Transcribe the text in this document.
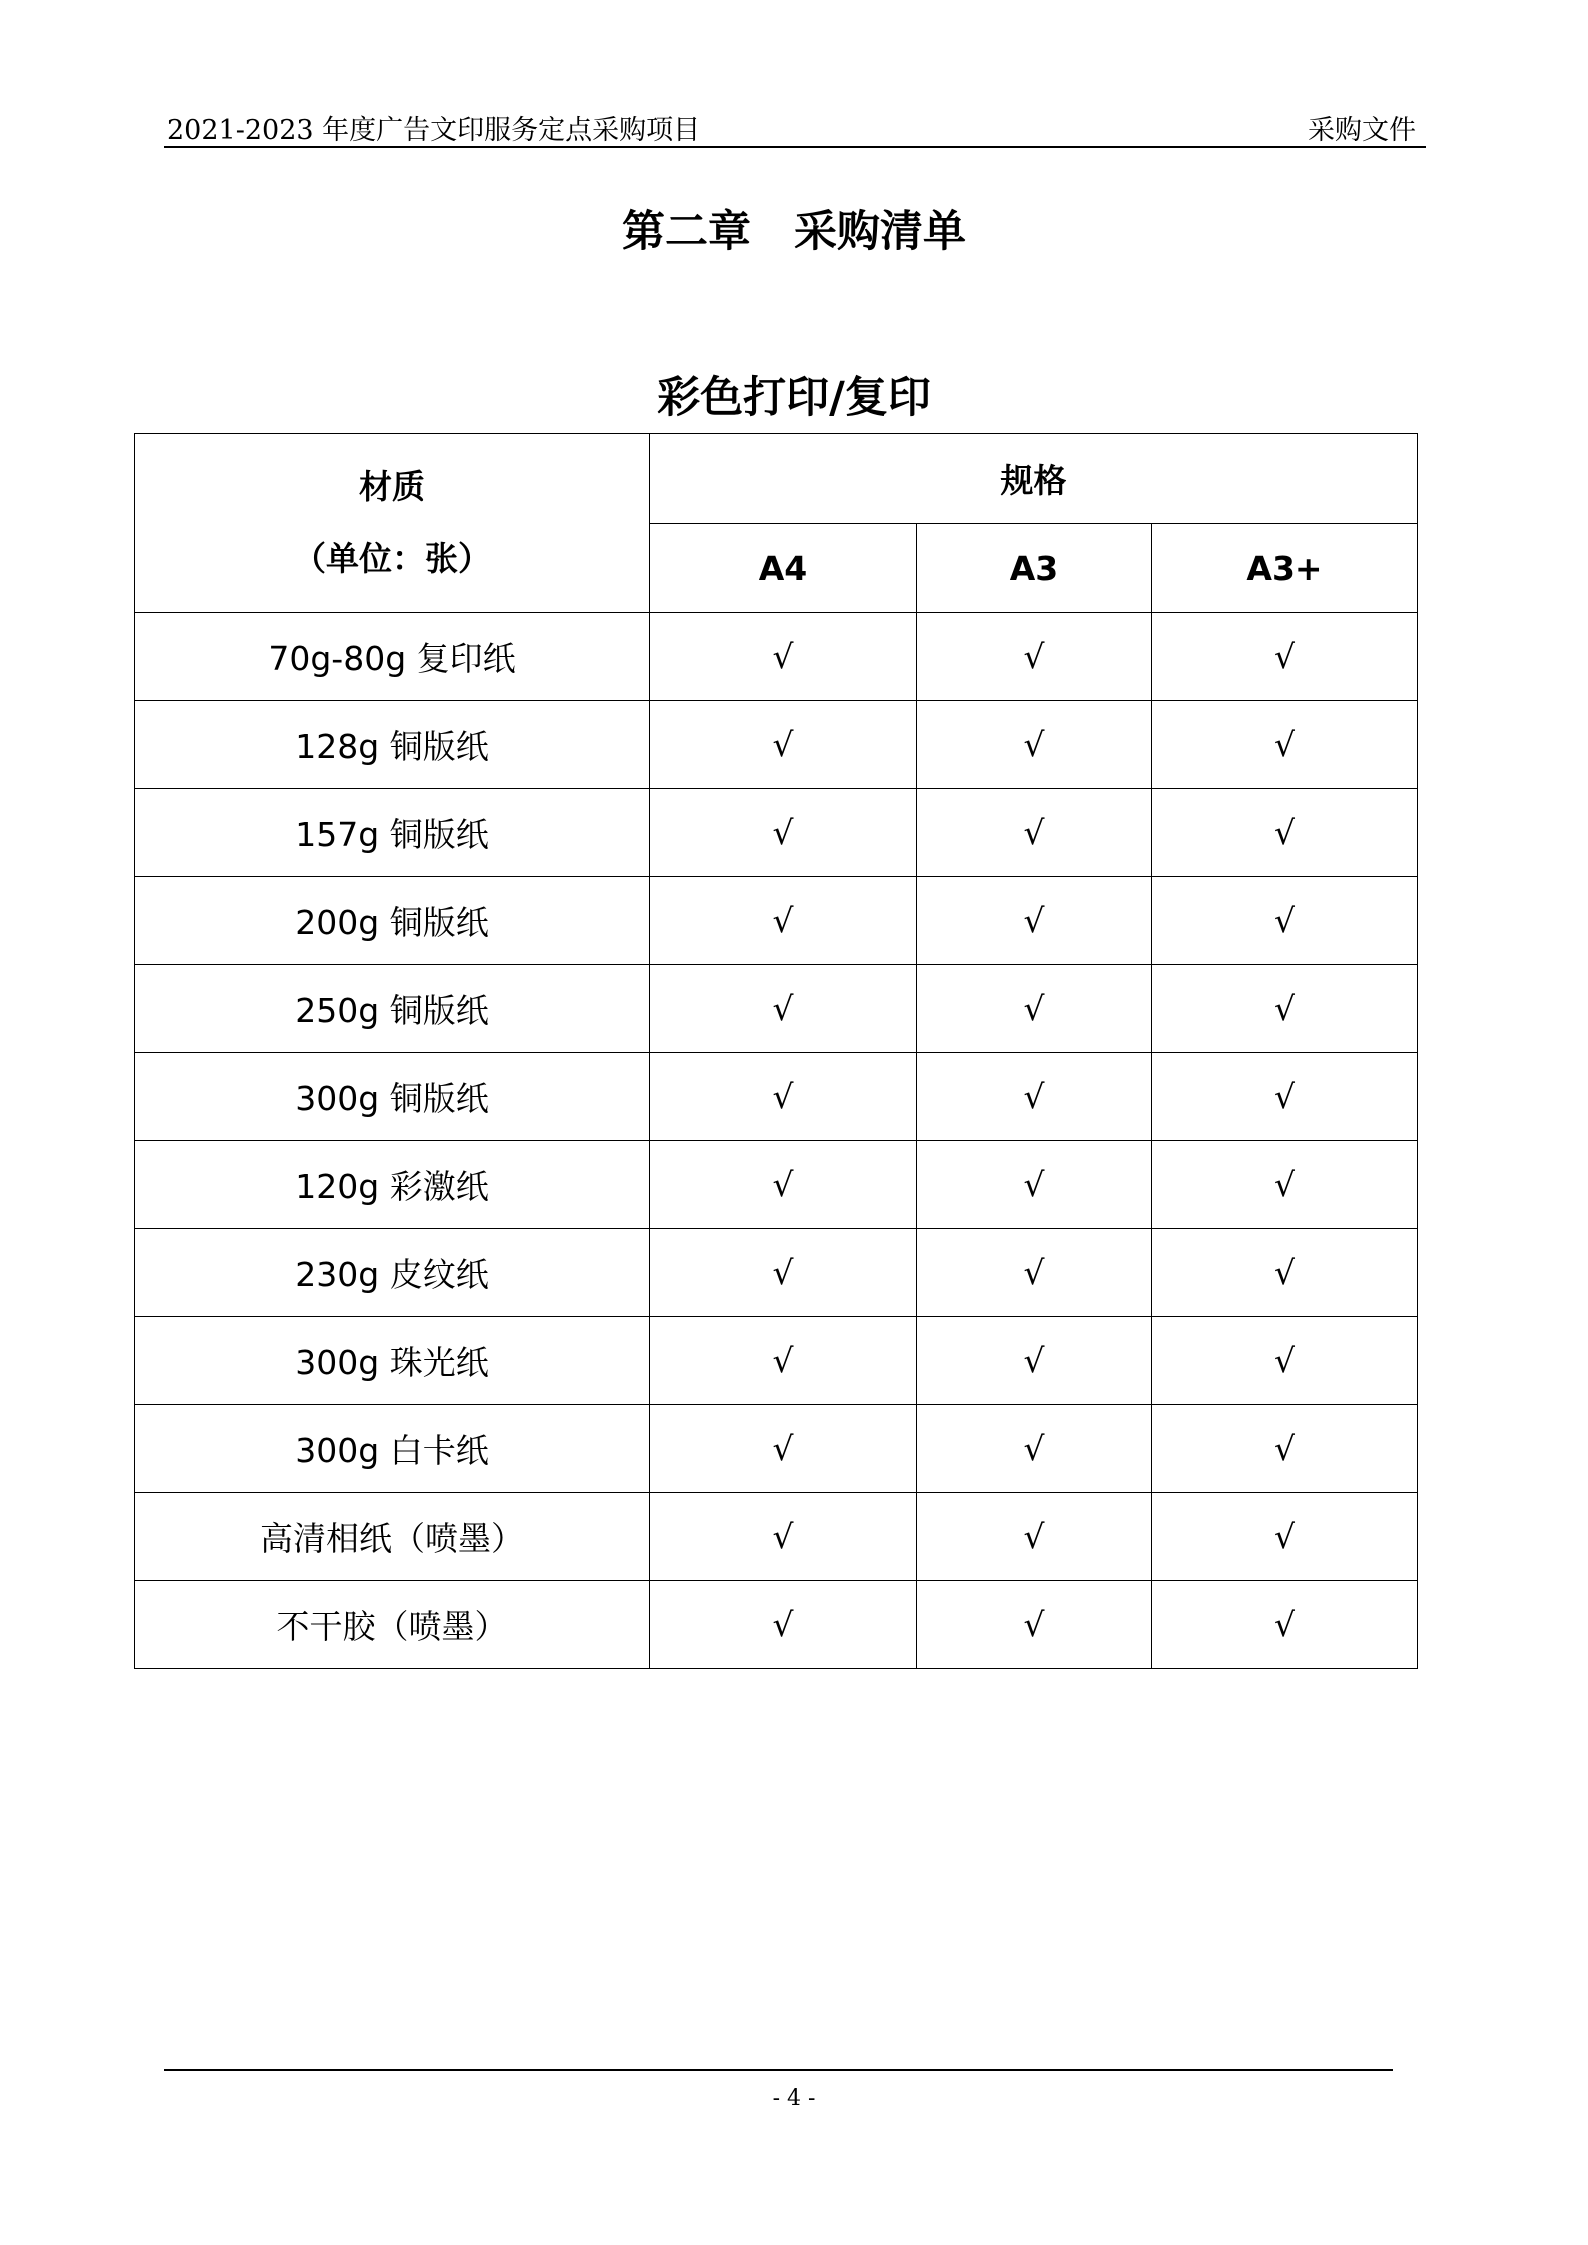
2021-2023 年度广告文印服务定点采购项目	采购文件
第二章　采购清单
彩色打印/复印
材质
（单位：张）	规格		
	A4	A3	A3+
70g-80g 复印纸	√	√	√
128g 铜版纸	√	√	√
157g 铜版纸	√	√	√
200g 铜版纸	√	√	√
250g 铜版纸	√	√	√
300g 铜版纸	√	√	√
120g 彩激纸	√	√	√
230g 皮纹纸	√	√	√
300g 珠光纸	√	√	√
300g 白卡纸	√	√	√
高清相纸（喷墨）	√	√	√
不干胶（喷墨）	√	√	√
- 4 -
